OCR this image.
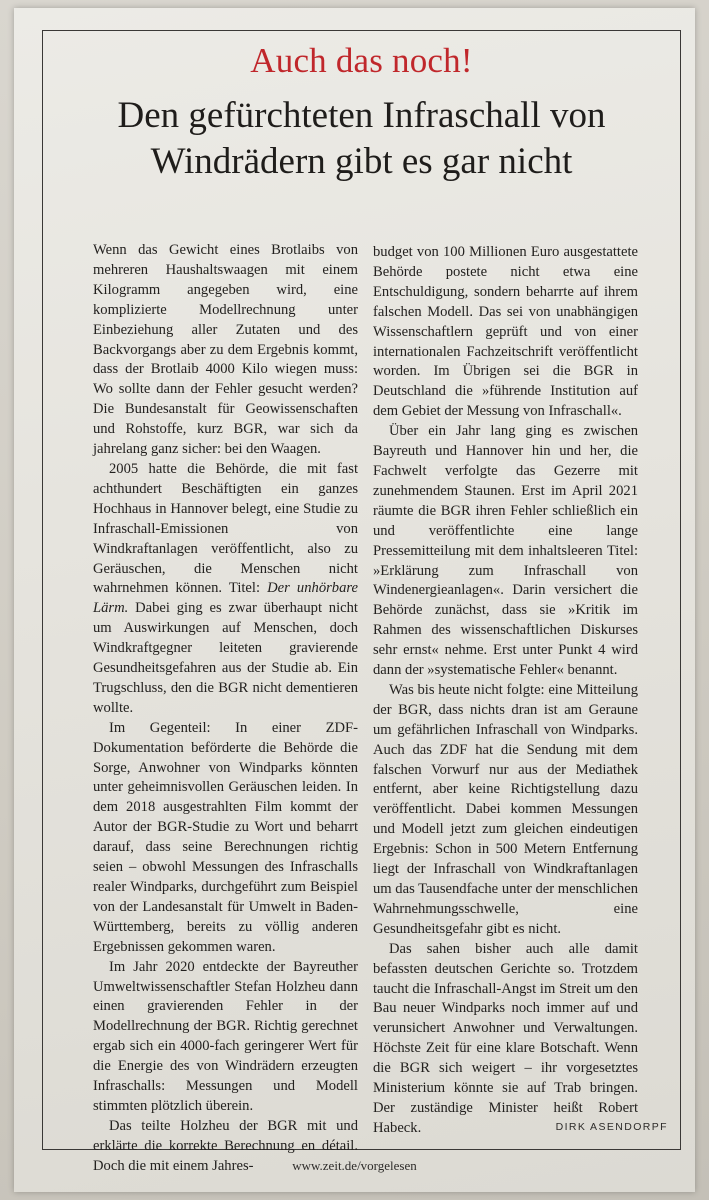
Auch das noch!
Den gefürchteten Infraschall von
Windrädern gibt es gar nicht

Wenn das Gewicht eines Brotlaibs von mehreren Haushaltswaagen mit einem Kilogramm angegeben wird, eine komplizierte Modellrechnung unter Einbeziehung aller Zutaten und des Backvorgangs aber zu dem Ergebnis kommt, dass der Brotlaib 4000 Kilo wiegen muss: Wo sollte dann der Fehler gesucht werden? Die Bundesanstalt für Geowissenschaften und Rohstoffe, kurz BGR, war sich da jahrelang ganz sicher: bei den Waagen.

2005 hatte die Behörde, die mit fast achthundert Beschäftigten ein ganzes Hochhaus in Hannover belegt, eine Studie zu Infraschall-Emissionen von Windkraftanlagen veröffentlicht, also zu Geräuschen, die Menschen nicht wahrnehmen können. Titel: Der unhörbare Lärm. Dabei ging es zwar überhaupt nicht um Auswirkungen auf Menschen, doch Windkraftgegner leiteten gravierende Gesundheitsgefahren aus der Studie ab. Ein Trugschluss, den die BGR nicht dementieren wollte.

Im Gegenteil: In einer ZDF-Dokumentation beförderte die Behörde die Sorge, Anwohner von Windparks könnten unter geheimnisvollen Geräuschen leiden. In dem 2018 ausgestrahlten Film kommt der Autor der BGR-Studie zu Wort und beharrt darauf, dass seine Berechnungen richtig seien – obwohl Messungen des Infraschalls realer Windparks, durchgeführt zum Beispiel von der Landesanstalt für Umwelt in Baden-Württemberg, bereits zu völlig anderen Ergebnissen gekommen waren.

Im Jahr 2020 entdeckte der Bayreuther Umweltwissenschaftler Stefan Holzheu dann einen gravierenden Fehler in der Modellrechnung der BGR. Richtig gerechnet ergab sich ein 4000-fach geringerer Wert für die Energie des von Windrädern erzeugten Infraschalls: Messungen und Modell stimmten plötzlich überein.

Das teilte Holzheu der BGR mit und erklärte die korrekte Berechnung en détail. Doch die mit einem Jahres-

budget von 100 Millionen Euro ausgestattete Behörde postete nicht etwa eine Entschuldigung, sondern beharrte auf ihrem falschen Modell. Das sei von unabhängigen Wissenschaftlern geprüft und von einer internationalen Fachzeitschrift veröffentlicht worden. Im Übrigen sei die BGR in Deutschland die »führende Institution auf dem Gebiet der Messung von Infraschall«.

Über ein Jahr lang ging es zwischen Bayreuth und Hannover hin und her, die Fachwelt verfolgte das Gezerre mit zunehmendem Staunen. Erst im April 2021 räumte die BGR ihren Fehler schließlich ein und veröffentlichte eine lange Pressemitteilung mit dem inhaltsleeren Titel: »Erklärung zum Infraschall von Windenergieanlagen«. Darin versichert die Behörde zunächst, dass sie »Kritik im Rahmen des wissenschaftlichen Diskurses sehr ernst« nehme. Erst unter Punkt 4 wird dann der »systematische Fehler« benannt.

Was bis heute nicht folgte: eine Mitteilung der BGR, dass nichts dran ist am Geraune um gefährlichen Infraschall von Windparks. Auch das ZDF hat die Sendung mit dem falschen Vorwurf nur aus der Mediathek entfernt, aber keine Richtigstellung dazu veröffentlicht. Dabei kommen Messungen und Modell jetzt zum gleichen eindeutigen Ergebnis: Schon in 500 Metern Entfernung liegt der Infraschall von Windkraftanlagen um das Tausendfache unter der menschlichen Wahrnehmungsschwelle, eine Gesundheitsgefahr gibt es nicht.

Das sahen bisher auch alle damit befassten deutschen Gerichte so. Trotzdem taucht die Infraschall-Angst im Streit um den Bau neuer Windparks noch immer auf und verunsichert Anwohner und Verwaltungen. Höchste Zeit für eine klare Botschaft. Wenn die BGR sich weigert – ihr vorgesetztes Ministerium könnte sie auf Trab bringen. Der zuständige Minister heißt Robert Habeck.	DIRK ASENDORPF
www.zeit.de/vorgelesen
